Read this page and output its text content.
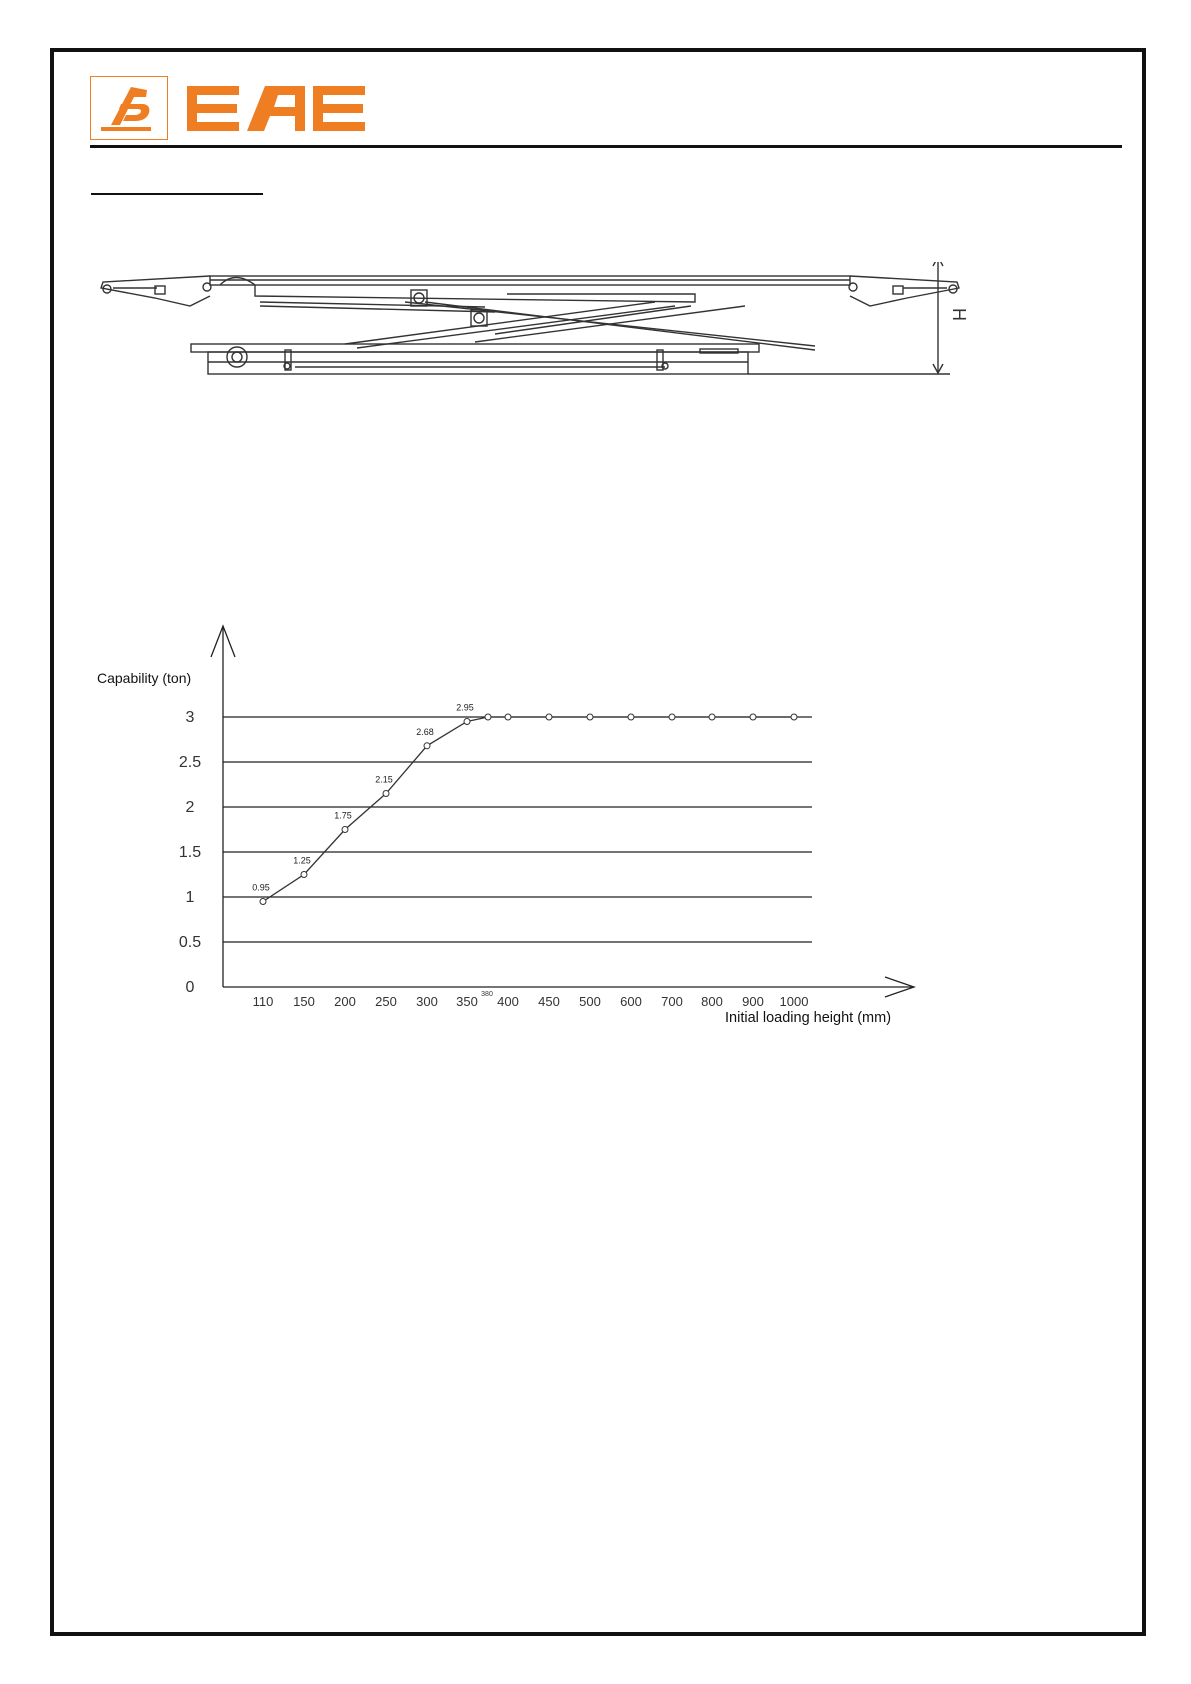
H
0
0.5
1
1.5
2
2.5
3
110 150 200 250 300 350 400 450 500 600 700 800 900 1000
380
0.95
1.25
1.75
2.15
2.68
2.95
Capability (ton)
Initial loading height (mm)
